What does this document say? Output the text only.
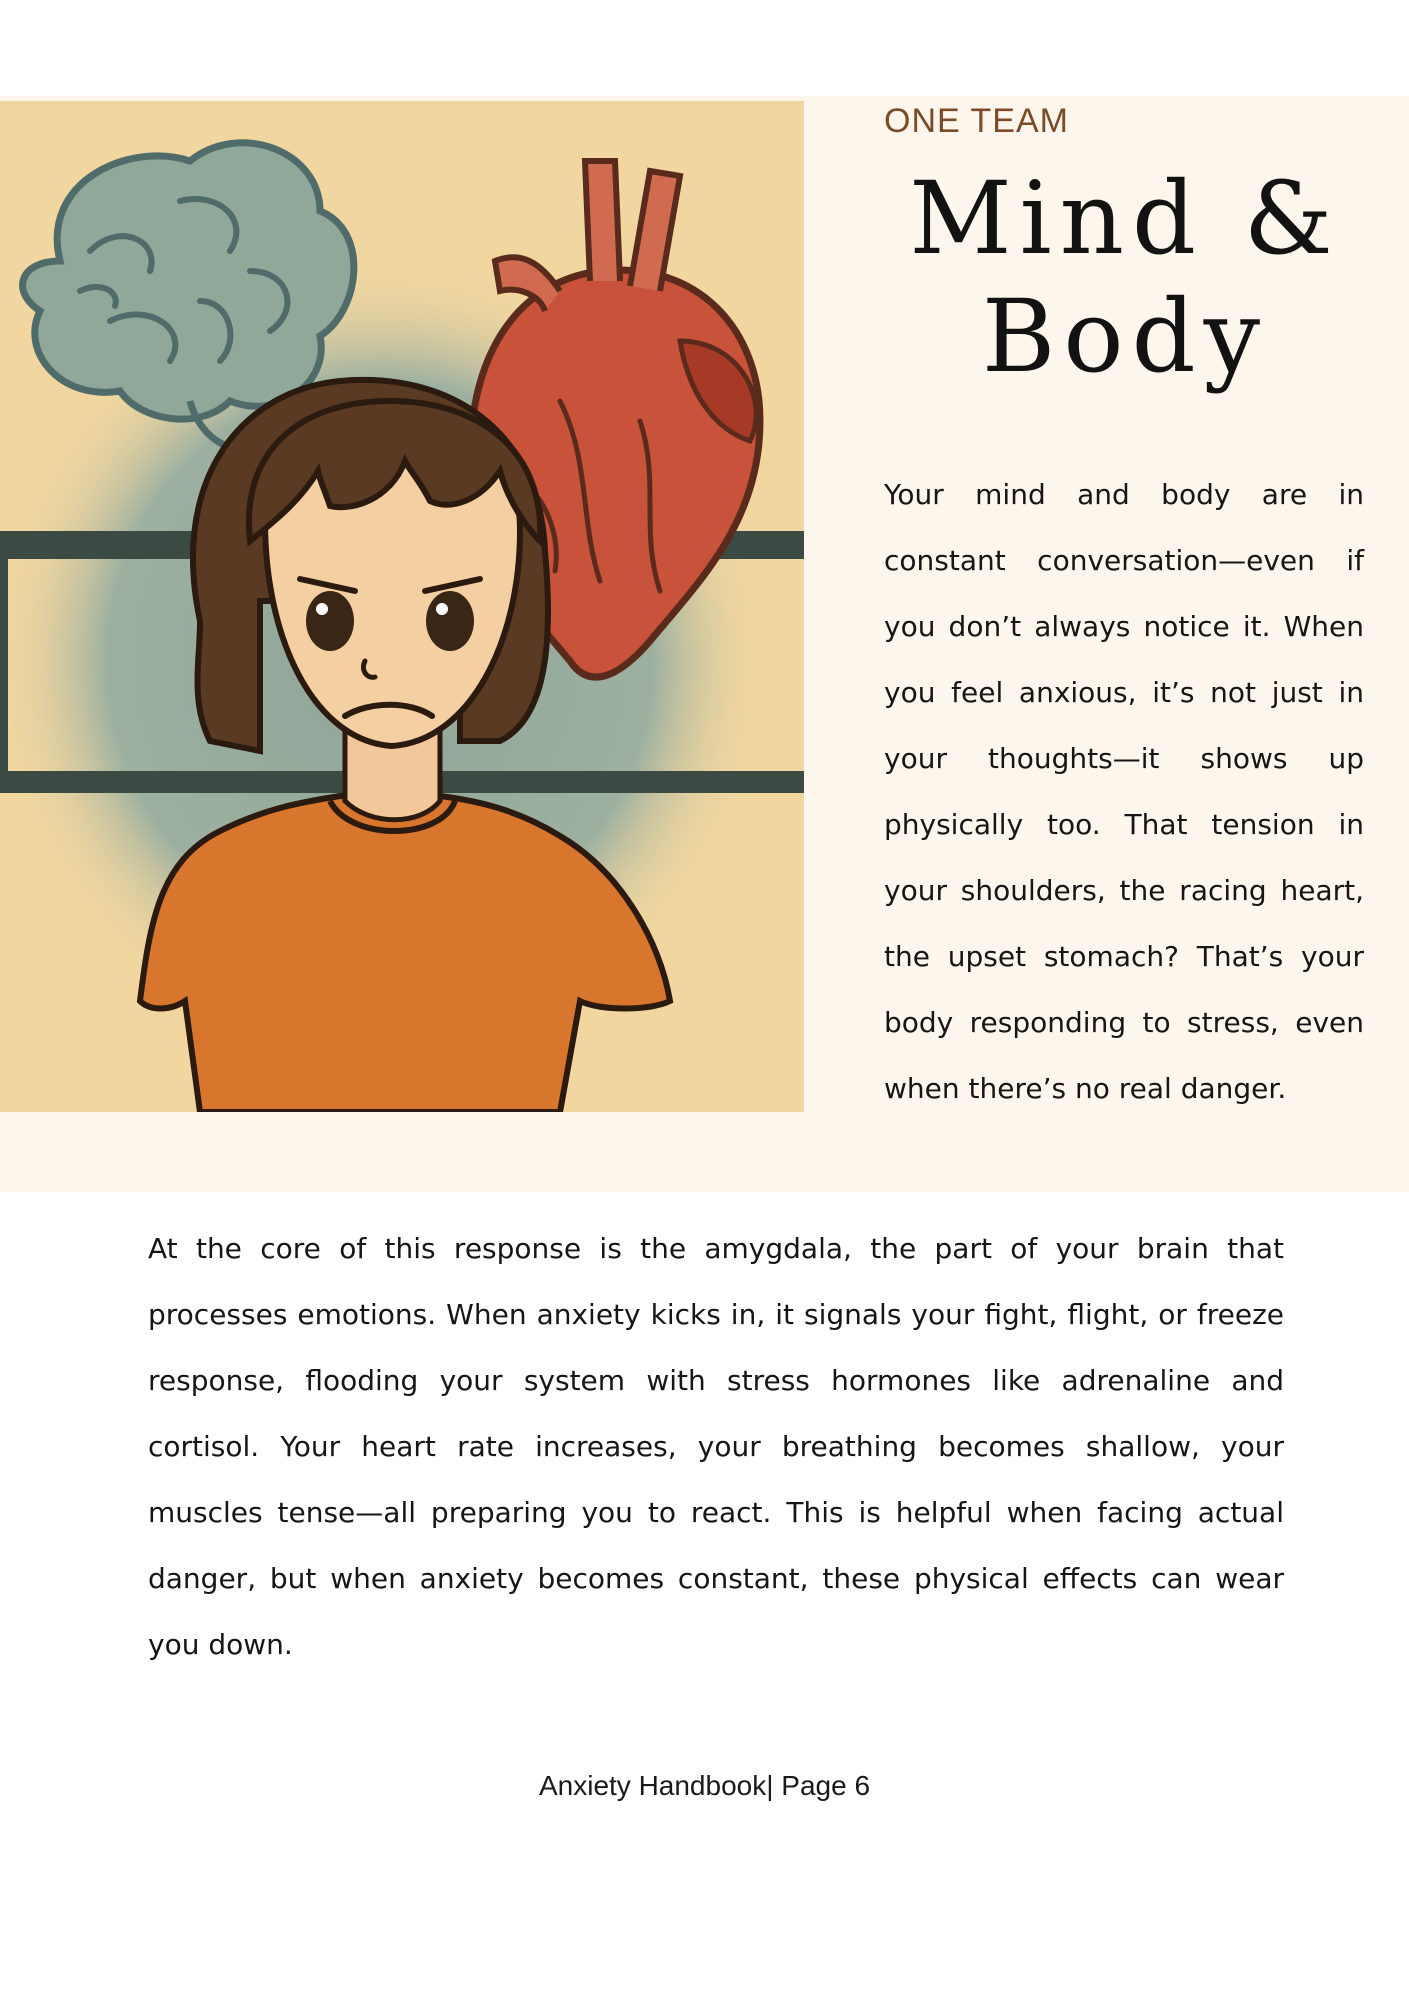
ONE TEAM

Mind &
Body

Your mind and body are in constant conversation—even if you don’t always notice it. When you feel anxious, it’s not just in your thoughts—it shows up physically too. That tension in your shoulders, the racing heart, the upset stomach? That’s your body responding to stress, even when there’s no real danger.

At the core of this response is the amygdala, the part of your brain that processes emotions. When anxiety kicks in, it signals your fight, flight, or freeze response, flooding your system with stress hormones like adrenaline and cortisol. Your heart rate increases, your breathing becomes shallow, your muscles tense—all preparing you to react. This is helpful when facing actual danger, but when anxiety becomes constant, these physical effects can wear you down.

Anxiety Handbook| Page 6
